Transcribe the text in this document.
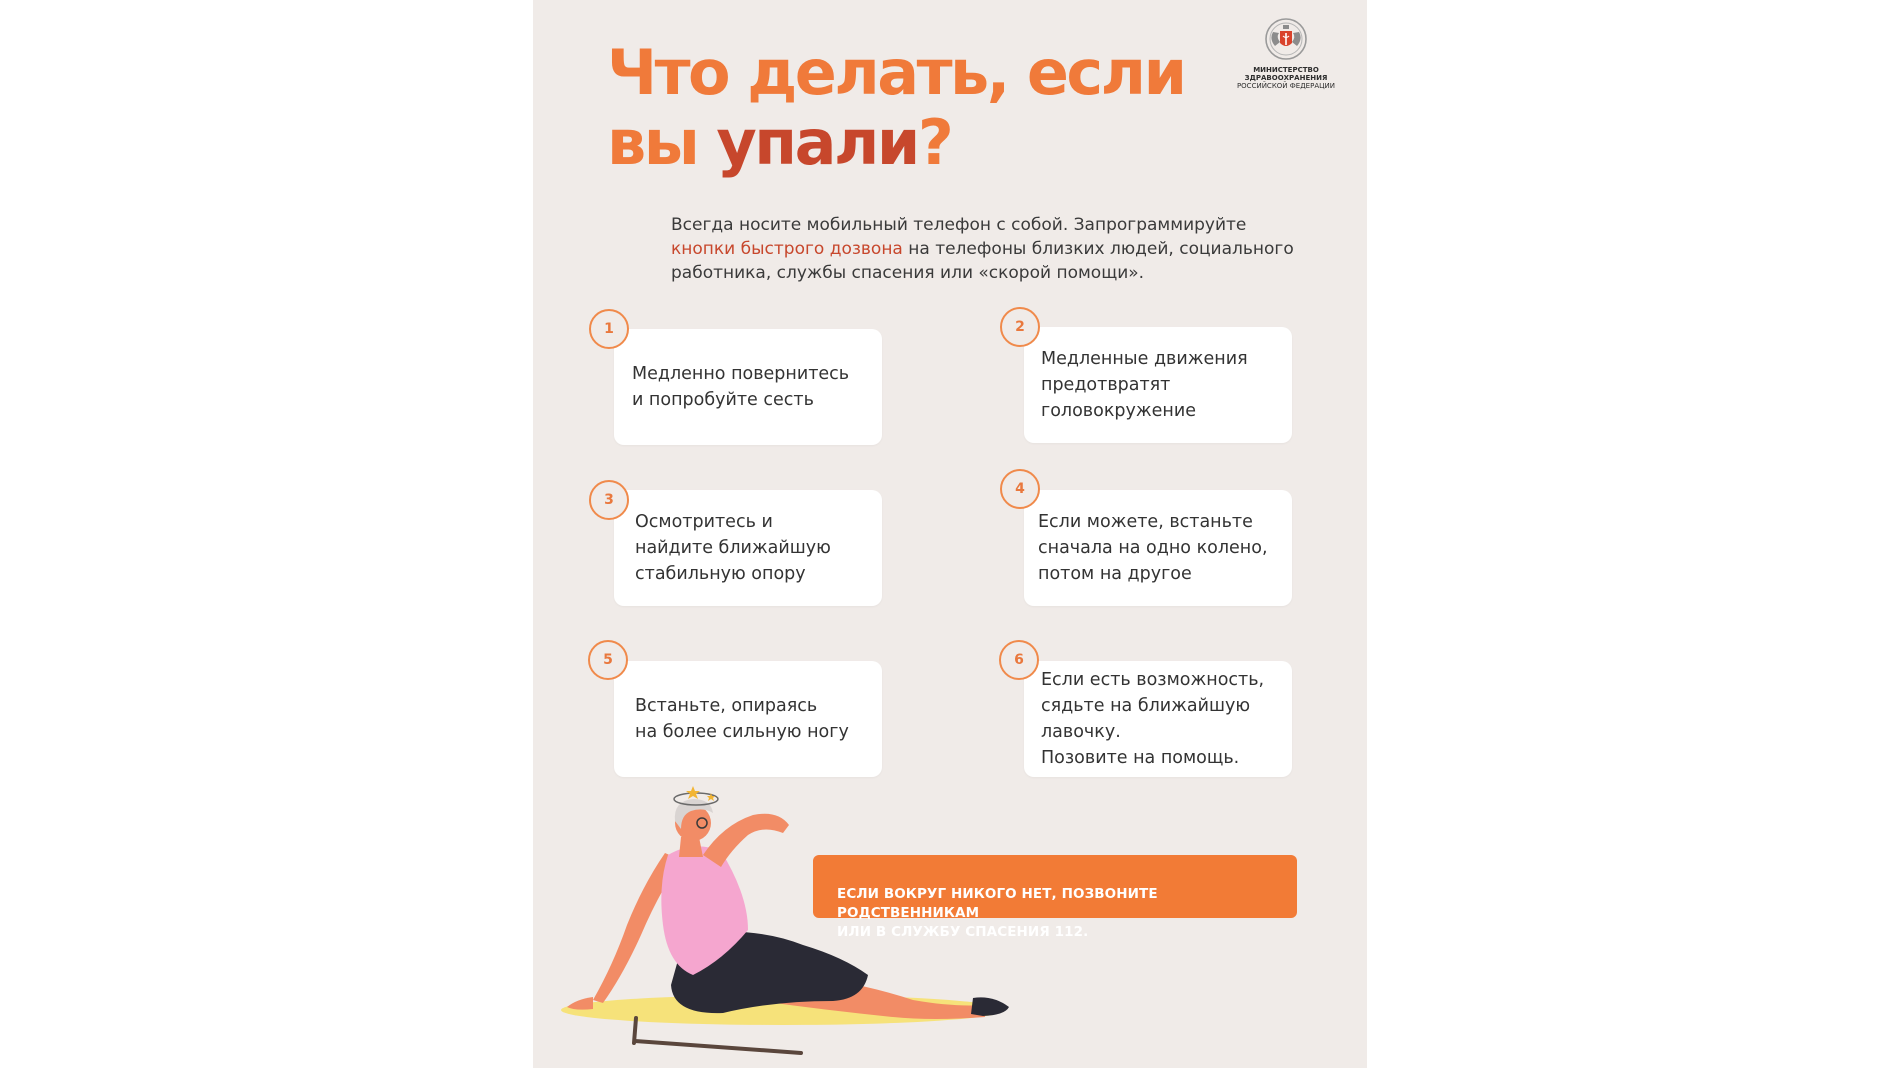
Что делать, если
вы упали?
МИНИСТЕРСТВО
ЗДРАВООХРАНЕНИЯ
РОССИЙСКОЙ ФЕДЕРАЦИИ

Всегда носите мобильный телефон с собой. Запрограммируйте
кнопки быстрого дозвона на телефоны близких людей, социального работника, службы спасения или «скорой помощи».

1
Медленно повернитесь
и попробуйте сесть
2
Медленные движения
предотвратят
головокружение
3
Осмотритесь и
найдите ближайшую
стабильную опору
4
Если можете, встаньте
сначала на одно колено,
потом на другое
5
Встаньте, опираясь
на более сильную ногу
6
Если есть возможность,
сядьте на ближайшую
лавочку.
Позовите на помощь.

ЕСЛИ ВОКРУГ НИКОГО НЕТ, ПОЗВОНИТЕ РОДСТВЕННИКАМ
ИЛИ В СЛУЖБУ СПАСЕНИЯ 112.
